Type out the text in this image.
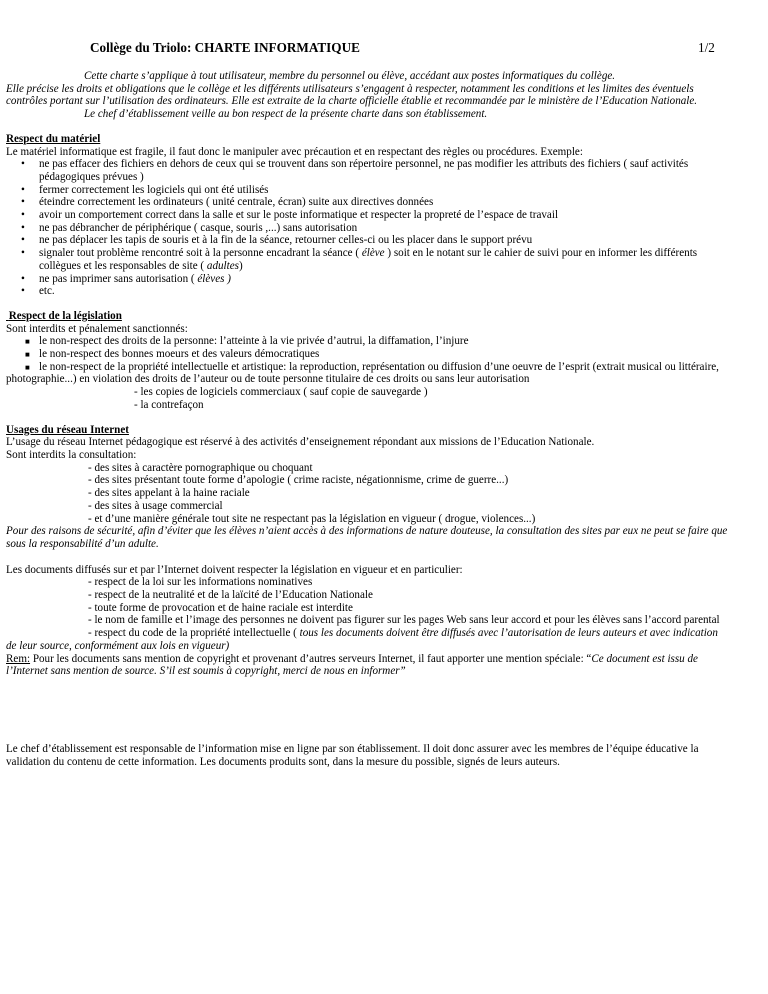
Collège du Triolo: CHARTE INFORMATIQUE	1/2

Cette charte s’applique à tout utilisateur, membre du personnel ou élève, accédant aux postes informatiques du collège.

Elle précise les droits et obligations que le collège et les différents utilisateurs s’engagent à respecter, notamment les conditions et les limites des éventuels contrôles portant sur l’utilisation des ordinateurs. Elle est extraite de la charte officielle établie et recommandée par le ministère de l’Education Nationale.

Le chef d’établissement veille au bon respect de la présente charte dans son établissement.

Respect du matériel

Le matériel informatique est fragile, il faut donc le manipuler avec précaution et en respectant des règles ou procédures. Exemple:

• ne pas effacer des fichiers en dehors de ceux qui se trouvent dans son répertoire personnel, ne pas modifier les attributs des fichiers ( sauf activités pédagogiques prévues )
• fermer correctement les logiciels qui ont été utilisés
• éteindre correctement les ordinateurs ( unité centrale, écran) suite aux directives données
• avoir un comportement correct dans la salle et sur le poste informatique et respecter la propreté de l’espace de travail
• ne pas débrancher de périphérique ( casque, souris ,...) sans autorisation
• ne pas déplacer les tapis de souris et à la fin de la séance, retourner celles-ci ou les placer dans le support prévu
• signaler tout problème rencontré soit à la personne encadrant la séance ( élève ) soit en le notant sur le cahier de suivi pour en informer les différents collègues et les responsables de site ( adultes)
• ne pas imprimer sans autorisation ( élèves )
• etc.
Respect de la législation

Sont interdits et pénalement sanctionnés:

■ le non-respect des droits de la personne: l’atteinte à la vie privée d’autrui, la diffamation, l’injure
■ le non-respect des bonnes moeurs et des valeurs démocratiques
■ le non-respect de la propriété intellectuelle et artistique: la reproduction, représentation ou diffusion d’une oeuvre de l’esprit (extrait musical ou littéraire, photographie...) en violation des droits de l’auteur ou de toute personne titulaire de ces droits ou sans leur autorisation

- les copies de logiciels commerciaux ( sauf copie de sauvegarde )

- la contrefaçon

Usages du réseau Internet

L’usage du réseau Internet pédagogique est réservé à des activités d’enseignement répondant aux missions de l’Education Nationale.

Sont interdits la consultation:

- des sites à caractère pornographique ou choquant

- des sites présentant toute forme d’apologie ( crime raciste, négationnisme, crime de guerre...)

- des sites appelant à la haine raciale

- des sites à usage commercial

- et d’une manière générale tout site ne respectant pas la législation en vigueur ( drogue, violences...)

Pour des raisons de sécurité, afin d’éviter que les élèves n’aient accès à des informations de nature douteuse, la consultation des sites par eux ne peut se faire que sous la responsabilité d’un adulte.

Les documents diffusés sur et par l’Internet doivent respecter la législation en vigueur et en particulier:

- respect de la loi sur les informations nominatives

- respect de la neutralité et de la laïcité de l’Education Nationale

- toute forme de provocation et de haine raciale est interdite

- le nom de famille et l’image des personnes ne doivent pas figurer sur les pages Web sans leur accord et pour les élèves sans l’accord parental

- respect du code de la propriété intellectuelle ( tous les documents doivent être diffusés avec l’autorisation de leurs auteurs et avec indication de leur source, conformément aux lois en vigueur)

Rem: Pour les documents sans mention de copyright et provenant d’autres serveurs Internet, il faut apporter une mention spéciale: “Ce document est issu de l’Internet sans mention de source. S’il est soumis à copyright, merci de nous en informer”

Le chef d’établissement est responsable de l’information mise en ligne par son établissement. Il doit donc assurer avec les membres de l’équipe éducative la validation du contenu de cette information. Les documents produits sont, dans la mesure du possible, signés de leurs auteurs.
